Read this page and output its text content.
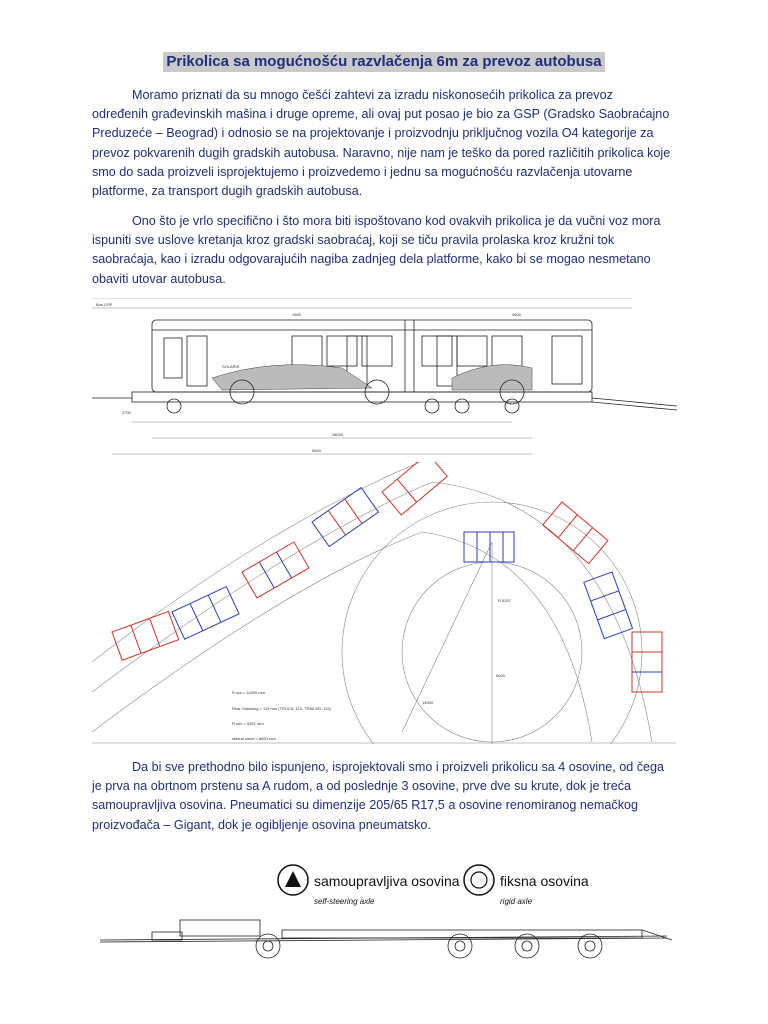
Prikolica sa mogućnošću razvlačenja 6m za prevoz autobusa

Moramo priznati da su mnogo češći zahtevi za izradu niskonosećih prikolica za prevoz određenih građevinskih mašina i druge opreme, ali ovaj put posao je bio za GSP (Gradsko Saobraćajno Preduzeće – Beograd) i odnosio se na projektovanje i proizvodnju priključnog vozila O4 kategorije za prevoz pokvarenih dugih gradskih autobusa. Naravno, nije nam je teško da pored različitih prikolica koje smo do sada proizveli isprojektujemo i proizvedemo i jednu sa mogućnošću razvlačenja utovarne platforme, za transport dugih gradskih autobusa.

Ono što je vrlo specifično i što mora biti ispoštovano kod ovakvih prikolica je da vučni voz mora ispuniti sve uslove kretanja kroz gradski saobraćaj, koji se tiču pravila prolaska kroz kružni tok saobraćaja, kao i izradu odgovarajućih nagiba zadnjeg dela platforme, kako bi se mogao nesmetano obaviti utovar autobusa.

Bus GSP
SOLARIS
18000
5820
2700
1500	4600
R 5337
6000
14000
R out = 14000 mm
Rear Outswing = 119 mm (TRUCK: 110, TRAILER: 119)
R min = 5337 mm
stazna sirina = 8663 mm

Da bi sve prethodno bilo ispunjeno, isprojektovali smo i proizveli prikolicu sa 4 osovine, od čega je prva na obrtnom prstenu sa A rudom, a od poslednje 3 osovine, prve dve su krute, dok je treća samoupravljiva osovina. Pneumatici su dimenzije 205/65 R17,5 a osovine renomiranog nemačkog proizvođača – Gigant, dok je ogibljenje osovina pneumatsko.

samoupravljiva osovina
self-steering axle
fiksna osovina
rigid axle
